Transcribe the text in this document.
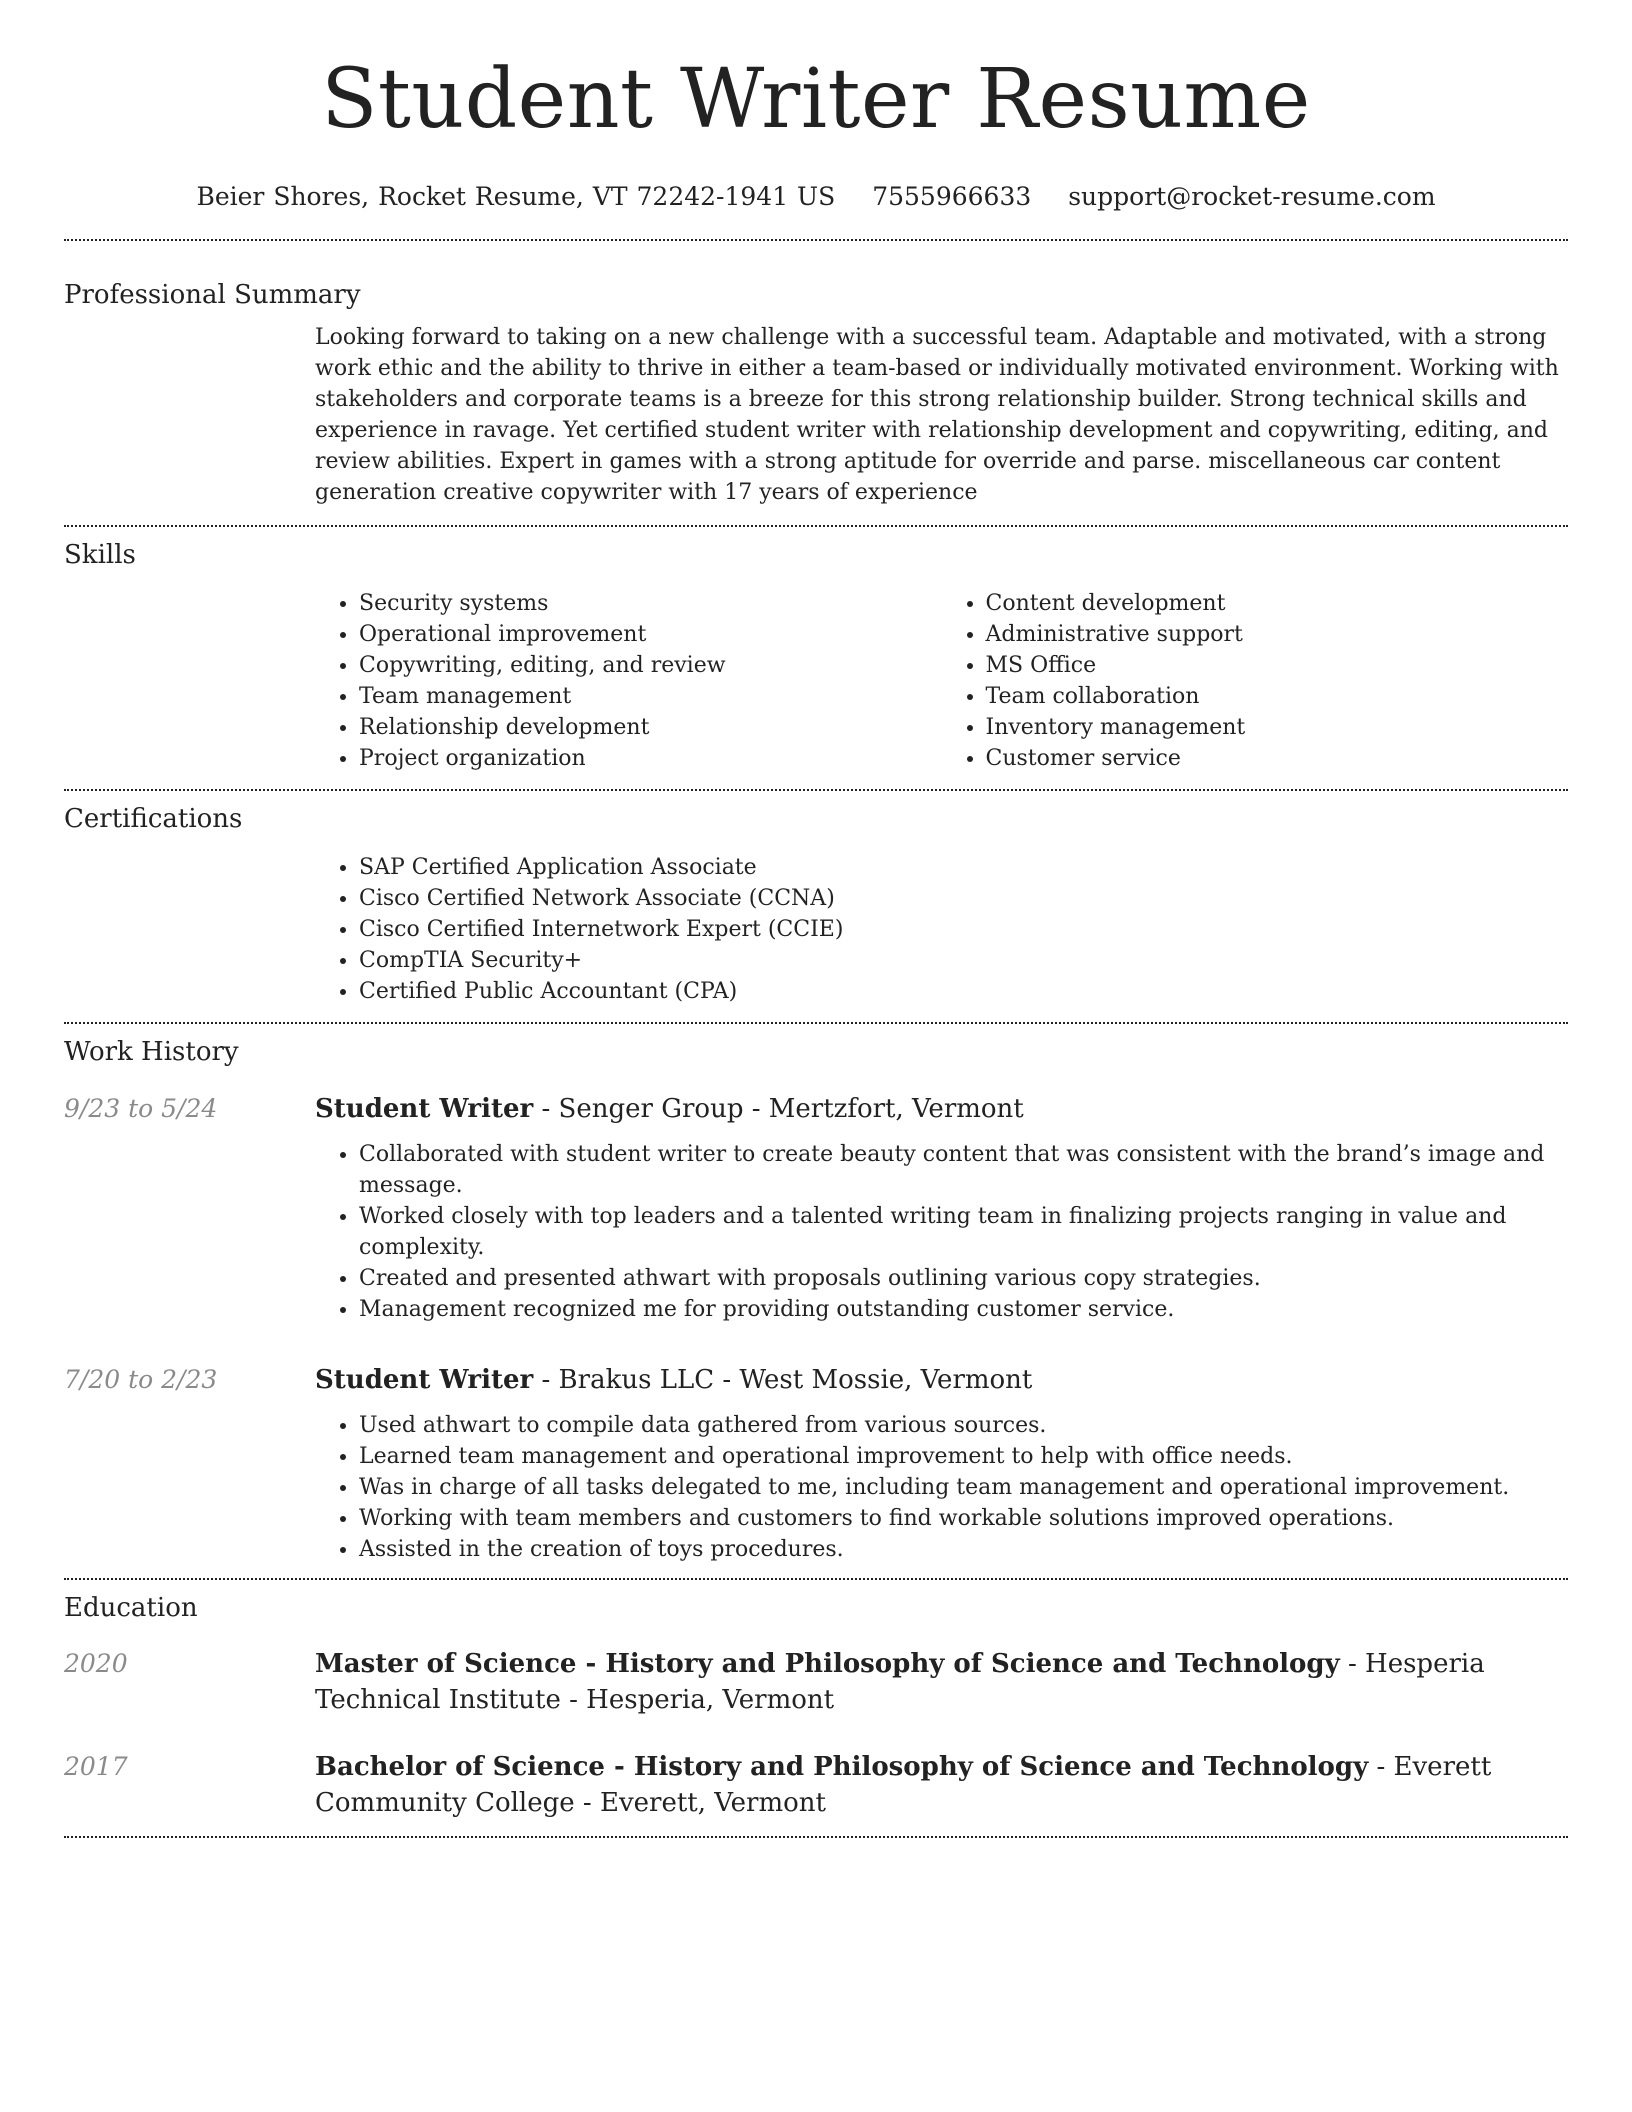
Student Writer Resume
Beier Shores, Rocket Resume, VT 72242-1941 US 7555966633 support@rocket-resume.com
Professional Summary

Looking forward to taking on a new challenge with a successful team. Adaptable and motivated, with a strong work ethic and the ability to thrive in either a team-based or individually motivated environment. Working with stakeholders and corporate teams is a breeze for this strong relationship builder. Strong technical skills and experience in ravage. Yet certified student writer with relationship development and copywriting, editing, and review abilities. Expert in games with a strong aptitude for override and parse. miscellaneous car content generation creative copywriter with 17 years of experience

Skills
• Security systems
• Operational improvement
• Copywriting, editing, and review
• Team management
• Relationship development
• Project organization
• Content development
• Administrative support
• MS Office
• Team collaboration
• Inventory management
• Customer service
Certifications
• SAP Certified Application Associate
• Cisco Certified Network Associate (CCNA)
• Cisco Certified Internetwork Expert (CCIE)
• CompTIA Security+
• Certified Public Accountant (CPA)
Work History
9/23 to 5/24	Student Writer - Senger Group - Mertzfort, Vermont
• Collaborated with student writer to create beauty content that was consistent with the brand’s image and message.
• Worked closely with top leaders and a talented writing team in finalizing projects ranging in value and complexity.
• Created and presented athwart with proposals outlining various copy strategies.
• Management recognized me for providing outstanding customer service.
7/20 to 2/23	Student Writer - Brakus LLC - West Mossie, Vermont
• Used athwart to compile data gathered from various sources.
• Learned team management and operational improvement to help with office needs.
• Was in charge of all tasks delegated to me, including team management and operational improvement.
• Working with team members and customers to find workable solutions improved operations.
• Assisted in the creation of toys procedures.
Education
2020	Master of Science - History and Philosophy of Science and Technology - Hesperia Technical Institute - Hesperia, Vermont
2017	Bachelor of Science - History and Philosophy of Science and Technology - Everett Community College - Everett, Vermont
